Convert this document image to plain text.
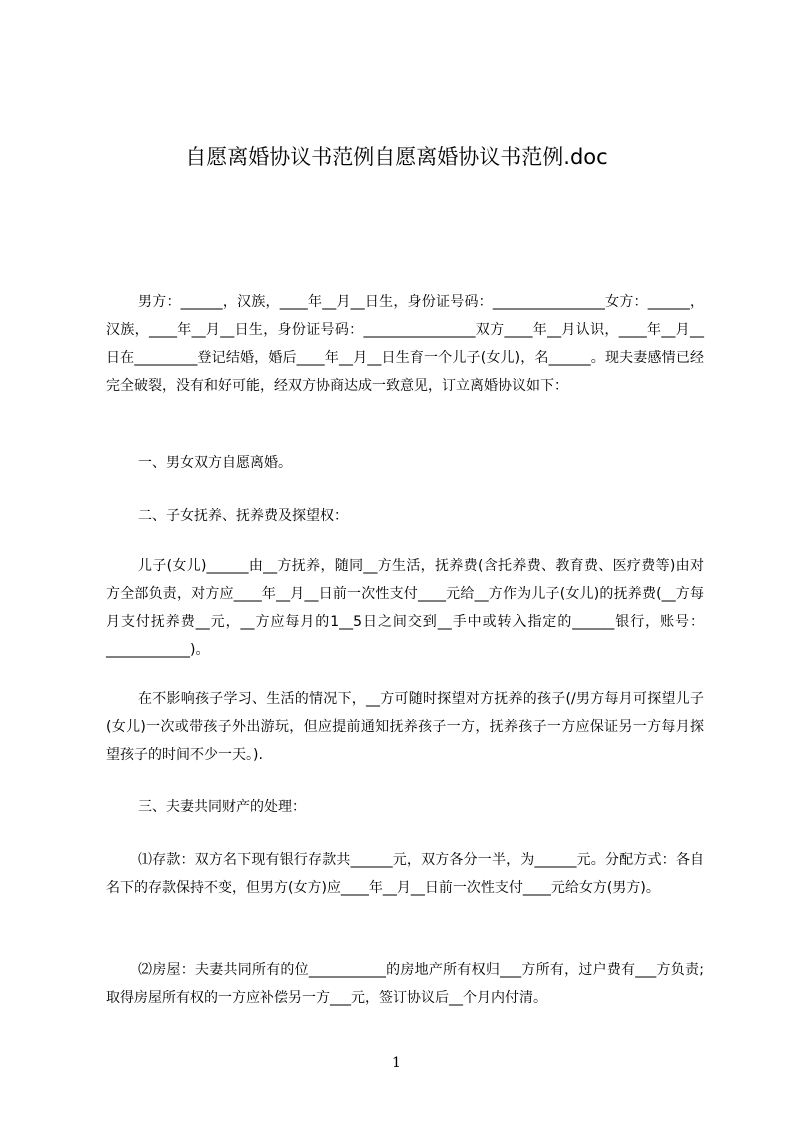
自愿离婚协议书范例自愿离婚协议书范例.doc

男方：______，汉族，____年__月__日生，身份证号码：________________女方：______，汉族，____年__月__日生，身份证号码：________________双方____年__月认识，____年__月__日在_________登记结婚，婚后____年__月__日生育一个儿子(女儿)，名______。现夫妻感情已经完全破裂，没有和好可能，经双方协商达成一致意见，订立离婚协议如下：

一、男女双方自愿离婚。

二、子女抚养、抚养费及探望权：

儿子(女儿)______由__方抚养，随同__方生活，抚养费(含托养费、教育费、医疗费等)由对方全部负责，对方应____年__月__日前一次性支付____元给__方作为儿子(女儿)的抚养费(__方每月支付抚养费__元，__方应每月的1__5日之间交到__手中或转入指定的______银行，账号：____________)。

在不影响孩子学习、生活的情况下，__方可随时探望对方抚养的孩子(/男方每月可探望儿子(女儿)一次或带孩子外出游玩，但应提前通知抚养孩子一方，抚养孩子一方应保证另一方每月探望孩子的时间不少一天。).

三、夫妻共同财产的处理：

⑴存款：双方名下现有银行存款共______元，双方各分一半，为______元。分配方式：各自名下的存款保持不变，但男方(女方)应____年__月__日前一次性支付____元给女方(男方)。

⑵房屋：夫妻共同所有的位___________的房地产所有权归___方所有，过户费有___方负责;取得房屋所有权的一方应补偿另一方___元，签订协议后__个月内付清。

1
